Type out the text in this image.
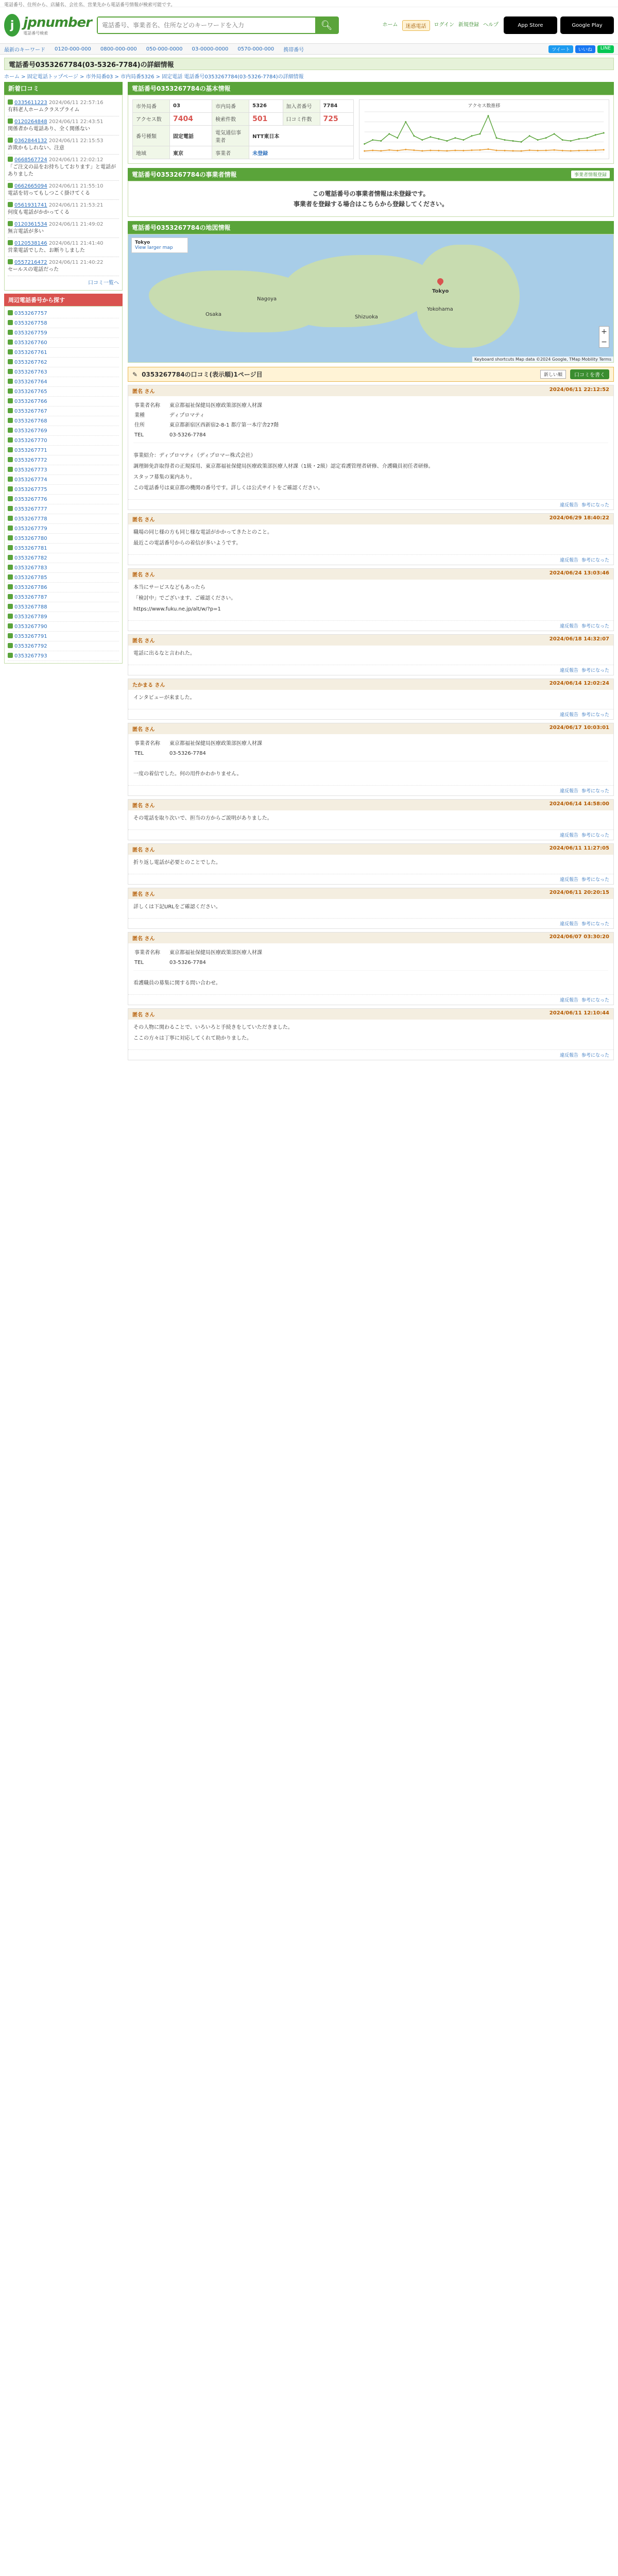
電話番号、住所から、店舗名、会社名、営業先から電話番号情報が検索可能です。
j jpnumber
電話番号検索
電話番号、事業者名、住所などのキーワードを入力
🔍︎	ホーム	迷惑電話	ログイン 新規登録 ヘルプ	App Store	Google Play
最新のキーワード 0120-000-000 0800-000-000 050-000-0000 03-0000-0000 0570-000-000 携帯番号	ツイート	いいね	LINE
電話番号0353267784(03-5326-7784)の詳細情報
ホーム > 固定電話トップページ > 市外局番03 > 市内局番5326 > 固定電話 電話番号0353267784(03-5326-7784)の詳細情報
新着口コミ
0335611223 2024/06/11 22:57:16
有料老人ホームクラスプライム
0120264848 2024/06/11 22:43:51
関係者から電話あり、全く関係ない
0362844132 2024/06/11 22:15:53
詐欺かもしれない、注意
0668567724 2024/06/11 22:02:12
「ご注文の品をお持ちしております」と電話がありました
0662665094 2024/06/11 21:55:10
電話を切ってもしつこく掛けてくる
0561931741 2024/06/11 21:53:21
何度も電話がかかってくる
0120361534 2024/06/11 21:49:02
無言電話が多い
0120538146 2024/06/11 21:41:40
営業電話でした、お断りしました
0557216472 2024/06/11 21:40:22
セールスの電話だった
口コミ一覧へ
周辺電話番号から探す
0353267757
0353267758
0353267759
0353267760
0353267761
0353267762
0353267763
0353267764
0353267765
0353267766
0353267767
0353267768
0353267769
0353267770
0353267771
0353267772
0353267773
0353267774
0353267775
0353267776
0353267777
0353267778
0353267779
0353267780
0353267781
0353267782
0353267783
0353267785
0353267786
0353267787
0353267788
0353267789
0353267790
0353267791
0353267792
0353267793
電話番号0353267784の基本情報
市外局番	03	市内局番	5326	加入者番号	7784
アクセス数	7404	検索件数	501	口コミ件数	725
番号種類	固定電話	電気通信事業者	NTT東日本		
地域	東京	事業者	未登録		
アクセス数推移
電話番号0353267784の事業者情報	事業者情報登録
この電話番号の事業者情報は未登録です。
事業者を登録する場合はこちらから登録してください。
電話番号0353267784の地図情報
Tokyo
View larger map
Nagoya
Tokyo
Yokohama
Osaka	Shizuoka
+
−
Keyboard shortcuts Map data ©2024 Google, TMap Mobility Terms
✎ 0353267784の口コミ(表示順)1ページ目	新しい順	口コミを書く
匿名 さん	2024/06/11 22:12:52
事業者名称	東京都福祉保健局医療政策部医療人材課
業種	ディプロマティ
住所	東京都新宿区西新宿2-8-1 都庁第一本庁舎27階
TEL	03-5326-7784

事業紹介：ディプロマティ（ディプロマー株式会社）

調理師免許取得者の正規採用、東京都福祉保健局医療政策部医療人材課（1級・2級）認定看護管理者研修、介護職員初任者研修。

スタッフ募集の案内あり。

この電話番号は東京都の機関の番号です。詳しくは公式サイトをご確認ください。

違反報告 参考になった
匿名 さん	2024/06/29 18:40:22

職場の同じ様の方も同じ様な電話がかかってきたとのこと。

最近この電話番号からの着信が多いようです。

違反報告 参考になった
匿名 さん	2024/06/24 13:03:46

本当にサービスなどもあったら

「検討中」でございます、ご確認ください。

https://www.fuku.ne.jp/alt/w/?p=1

違反報告 参考になった
匿名 さん	2024/06/18 14:32:07

電話に出るなと言われた。

違反報告 参考になった
たかまる さん	2024/06/14 12:02:24

インタビューが来ました。

違反報告 参考になった
匿名 さん	2024/06/17 10:03:01
事業者名称	東京都福祉保健局医療政策部医療人材課
TEL	03-5326-7784

一度の着信でした。何の用件かわかりません。

違反報告 参考になった
匿名 さん	2024/06/14 14:58:00

その電話を取り次いで、担当の方からご説明がありました。

違反報告 参考になった
匿名 さん	2024/06/11 11:27:05

折り返し電話が必要とのことでした。

違反報告 参考になった
匿名 さん	2024/06/11 20:20:15

詳しくは下記URLをご確認ください。

違反報告 参考になった
匿名 さん	2024/06/07 03:30:20
事業者名称	東京都福祉保健局医療政策部医療人材課
TEL	03-5326-7784

看護職員の募集に関する問い合わせ。

違反報告 参考になった
匿名 さん	2024/06/11 12:10:44

その人物に関わることで、いろいろと手続きをしていただきました。

ここの方々は丁寧に対応してくれて助かりました。

違反報告 参考になった
